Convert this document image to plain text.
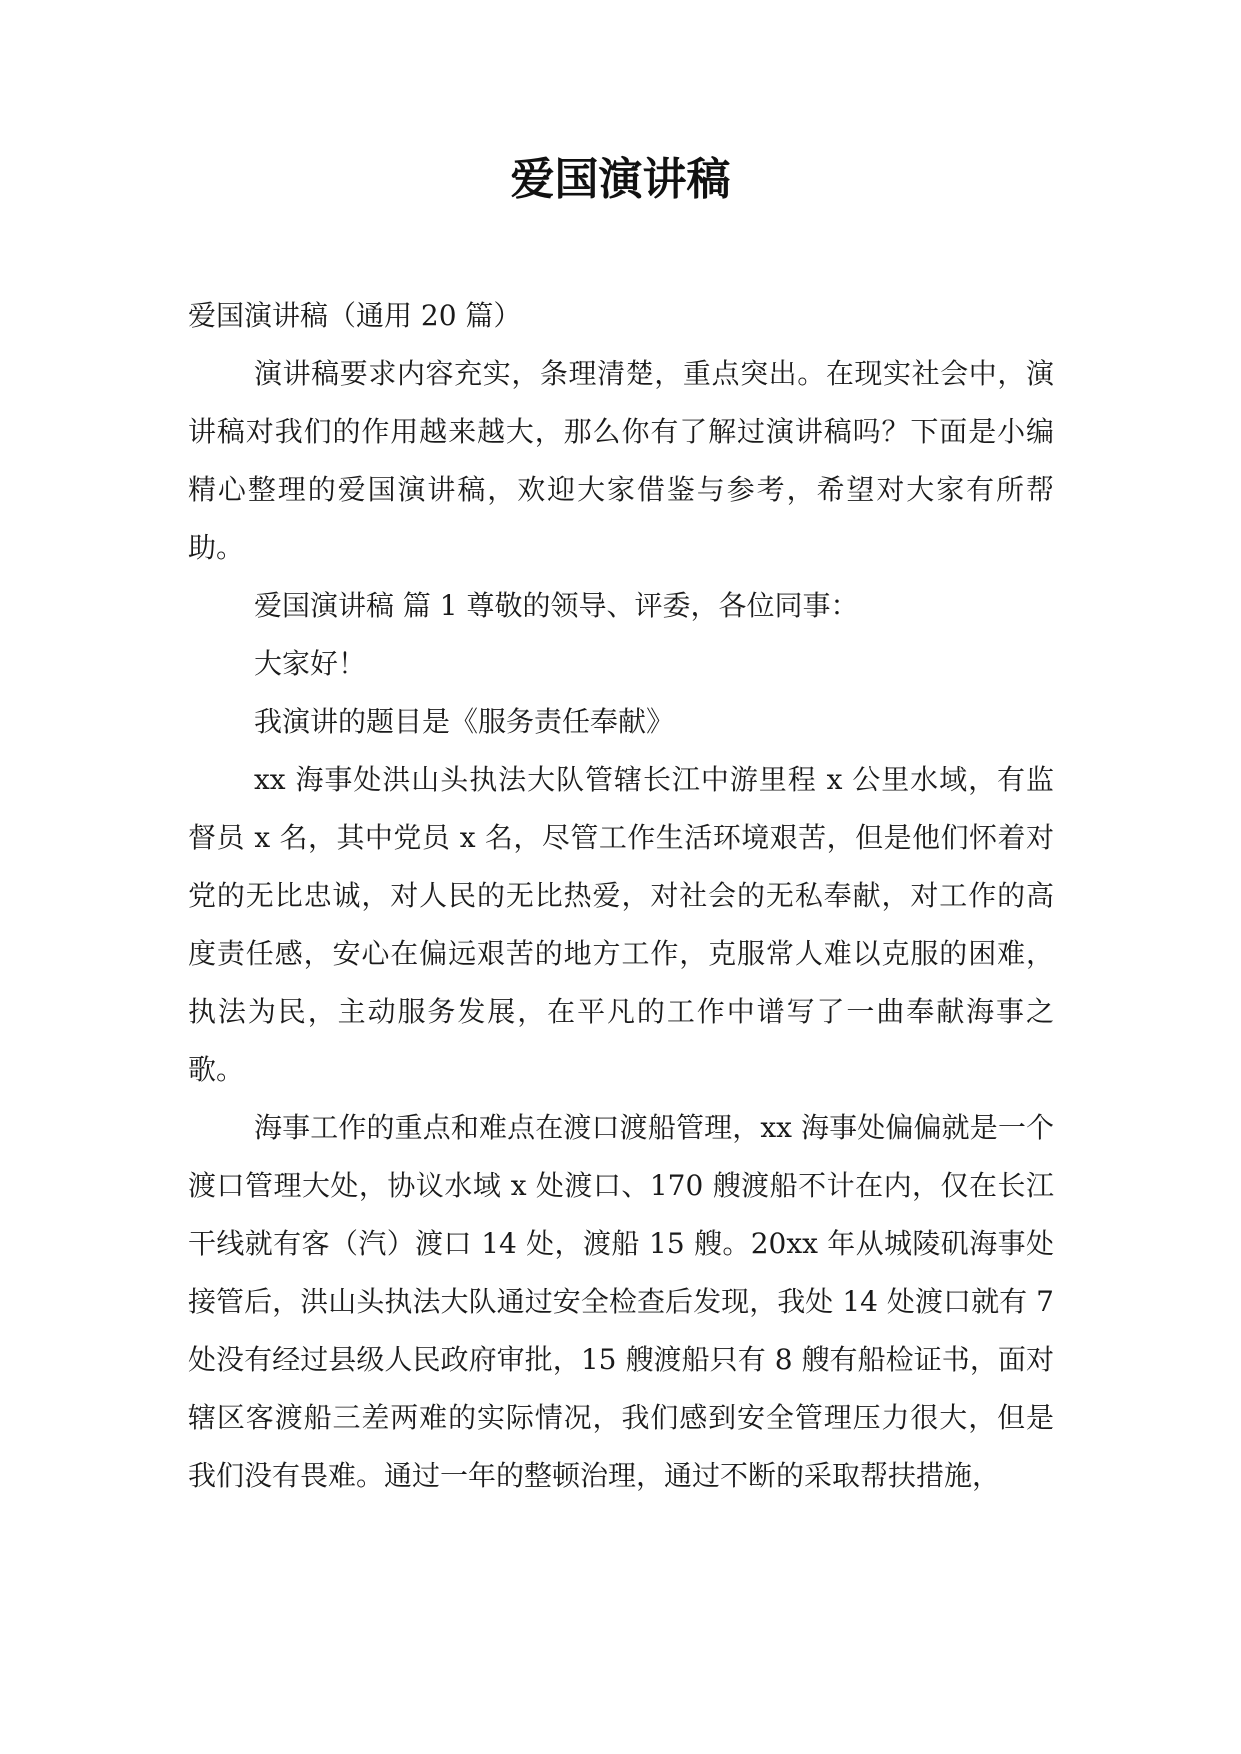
爱国演讲稿

爱国演讲稿（通用 20 篇）

演讲稿要求内容充实，条理清楚，重点突出。在现实社会中，演讲稿对我们的作用越来越大，那么你有了解过演讲稿吗？下面是小编精心整理的爱国演讲稿，欢迎大家借鉴与参考，希望对大家有所帮助。

爱国演讲稿 篇 1 尊敬的领导、评委，各位同事：

大家好！

我演讲的题目是《服务责任奉献》

xx 海事处洪山头执法大队管辖长江中游里程 x 公里水域，有监督员 x 名，其中党员 x 名，尽管工作生活环境艰苦，但是他们怀着对党的无比忠诚，对人民的无比热爱，对社会的无私奉献，对工作的高度责任感，安心在偏远艰苦的地方工作，克服常人难以克服的困难，执法为民，主动服务发展，在平凡的工作中谱写了一曲奉献海事之歌。

海事工作的重点和难点在渡口渡船管理，xx 海事处偏偏就是一个渡口管理大处，协议水域 x 处渡口、170 艘渡船不计在内，仅在长江干线就有客（汽）渡口 14 处，渡船 15 艘。20xx 年从城陵矶海事处接管后，洪山头执法大队通过安全检查后发现，我处 14 处渡口就有 7 处没有经过县级人民政府审批，15 艘渡船只有 8 艘有船检证书，面对辖区客渡船三差两难的实际情况，我们感到安全管理压力很大，但是我们没有畏难。通过一年的整顿治理，通过不断的采取帮扶措施，
